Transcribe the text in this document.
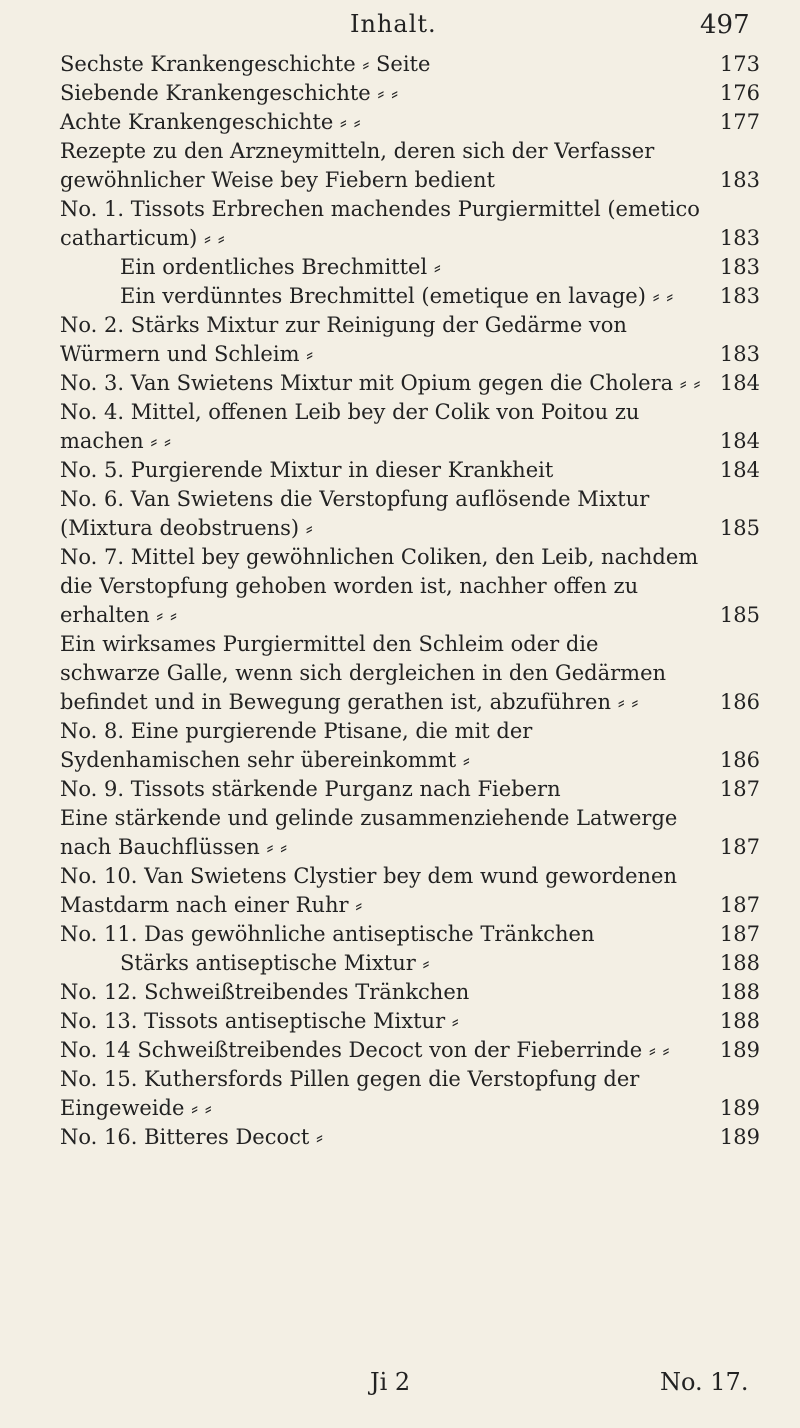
Inhalt.	497
Sechste Krankengeschichte ⸗ Seite	173
Siebende Krankengeschichte ⸗ ⸗	176
Achte Krankengeschichte ⸗ ⸗	177
Rezepte zu den Arzneymitteln, deren sich der Verfasser gewöhnlicher Weise bey Fiebern bedient	183
No. 1. Tissots Erbrechen machendes Purgiermittel (emetico catharticum) ⸗ ⸗	183
Ein ordentliches Brechmittel ⸗	183
Ein verdünntes Brechmittel (emetique en lavage) ⸗ ⸗	183
No. 2. Stärks Mixtur zur Reinigung der Gedärme von Würmern und Schleim ⸗	183
No. 3. Van Swietens Mixtur mit Opium gegen die Cholera ⸗ ⸗ 184
No. 4. Mittel, offenen Leib bey der Colik von Poitou zu machen ⸗ ⸗	184
No. 5. Purgierende Mixtur in dieser Krankheit	184
No. 6. Van Swietens die Verstopfung auflösende Mixtur (Mixtura deobstruens) ⸗	185
No. 7. Mittel bey gewöhnlichen Coliken, den Leib, nachdem die Verstopfung gehoben worden ist, nachher offen zu erhalten ⸗ ⸗	185
Ein wirksames Purgiermittel den Schleim oder die schwarze Galle, wenn sich dergleichen in den Gedärmen befindet und in Bewegung gerathen ist, abzuführen ⸗ ⸗	186
No. 8. Eine purgierende Ptisane, die mit der Sydenhamischen sehr übereinkommt ⸗	186
No. 9. Tissots stärkende Purganz nach Fiebern	187
Eine stärkende und gelinde zusammenziehende Latwerge nach Bauchflüssen ⸗ ⸗	187
No. 10. Van Swietens Clystier bey dem wund gewordenen Mastdarm nach einer Ruhr ⸗	187
No. 11. Das gewöhnliche antiseptische Tränkchen	187
Stärks antiseptische Mixtur ⸗	188
No. 12. Schweißtreibendes Tränkchen	188
No. 13. Tissots antiseptische Mixtur ⸗	188
No. 14 Schweißtreibendes Decoct von der Fieberrinde ⸗ ⸗	189
No. 15. Kuthersfords Pillen gegen die Verstopfung der Eingeweide ⸗ ⸗	189
No. 16. Bitteres Decoct ⸗	189
Ji 2	No. 17.
